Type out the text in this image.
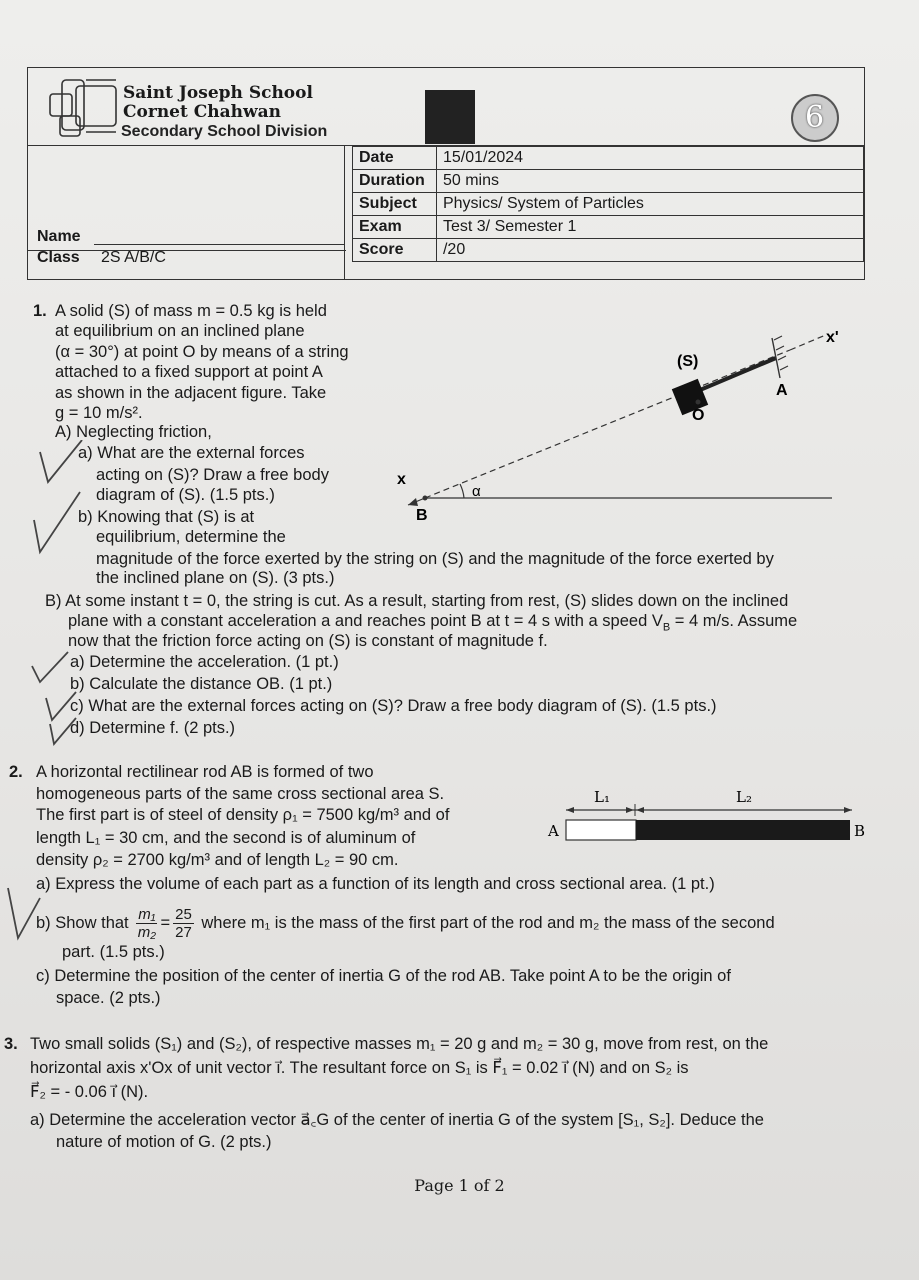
Saint Joseph School
Cornet Chahwan
Secondary School Division	6
Date	15/01/2024
Duration	50 mins
Subject	Physics/ System of Particles
Exam	Test 3/ Semester 1
Score	/20
Name
Class 2S A/B/C
1. A solid (S) of mass m = 0.5 kg is held
at equilibrium on an inclined plane
(α = 30°) at point O by means of a string
attached to a fixed support at point A
as shown in the adjacent figure. Take
g = 10 m/s².
A) Neglecting friction,
a) What are the external forces
acting on (S)? Draw a free body
diagram of (S). (1.5 pts.)
b) Knowing that (S) is at
equilibrium, determine the
magnitude of the force exerted by the string on (S) and the magnitude of the force exerted by
the inclined plane on (S). (3 pts.)
B) At some instant t = 0, the string is cut. As a result, starting from rest, (S) slides down on the inclined
plane with a constant acceleration a and reaches point B at t = 4 s with a speed $V_B = 4$ m/s. Assume
now that the friction force acting on (S) is constant of magnitude f.
a) Determine the acceleration. (1 pt.)
b) Calculate the distance OB. (1 pt.)
c) What are the external forces acting on (S)? Draw a free body diagram of (S). (1.5 pts.)
d) Determine f. (2 pts.)
(S)
A
O
B
x
x'
α
2. A horizontal rectilinear rod AB is formed of two
homogeneous parts of the same cross sectional area S.
The first part is of steel of density ρ₁ = 7500 kg/m³ and of
length L₁ = 30 cm, and the second is of aluminum of
density ρ₂ = 2700 kg/m³ and of length L₂ = 90 cm.
a) Express the volume of each part as a function of its length and cross sectional area. (1 pt.)
b) Show that $\frac{\text{m₁}}{\text{m₂}} = \frac{25}{27}$ where m₁ is the mass of the first part of the rod and m₂ the mass of the second
part. (1.5 pts.)
c) Determine the position of the center of inertia G of the rod AB. Take point A to be the origin of
space. (2 pts.)
L₁	L₂
A	B
3. Two small solids (S₁) and (S₂), of respective masses m₁ = 20 g and m₂ = 30 g, move from rest, on the
horizontal axis x'Ox of unit vector i⃗. The resultant force on S₁ is F⃗₁ = 0.02 i⃗ (N) and on S₂ is
F⃗₂ = - 0.06 i⃗ (N).
a) Determine the acceleration vector a⃗꜀G of the center of inertia G of the system [S₁, S₂]. Deduce the
nature of motion of G. (2 pts.)
Page 1 of 2
